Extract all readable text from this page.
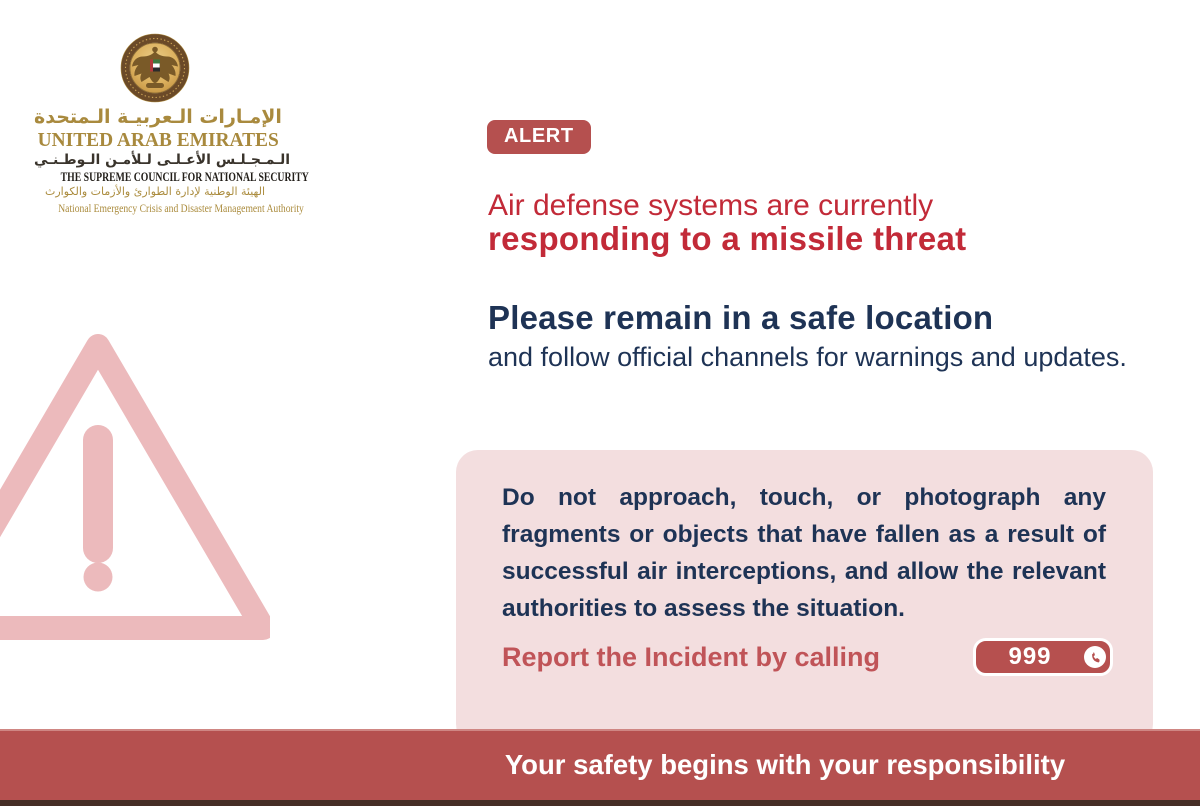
الإمـارات الـعربيـة الـمتحدة
UNITED ARAB EMIRATES
الـمـجـلـس الأعـلـى لـلأمـن الـوطـنـي
THE SUPREME COUNCIL FOR NATIONAL SECURITY
الهيئة الوطنية لإدارة الطوارئ والأزمات والكوارث
National Emergency Crisis and Disaster Management Authority
ALERT
Air defense systems are currently
responding to a missile threat
Please remain in a safe location
and follow official channels for warnings and updates.
Do not approach, touch, or photograph any fragments or objects that have fallen as a result of successful air interceptions, and allow the relevant authorities to assess the situation.
Report the Incident by calling	999
Your safety begins with your responsibility
